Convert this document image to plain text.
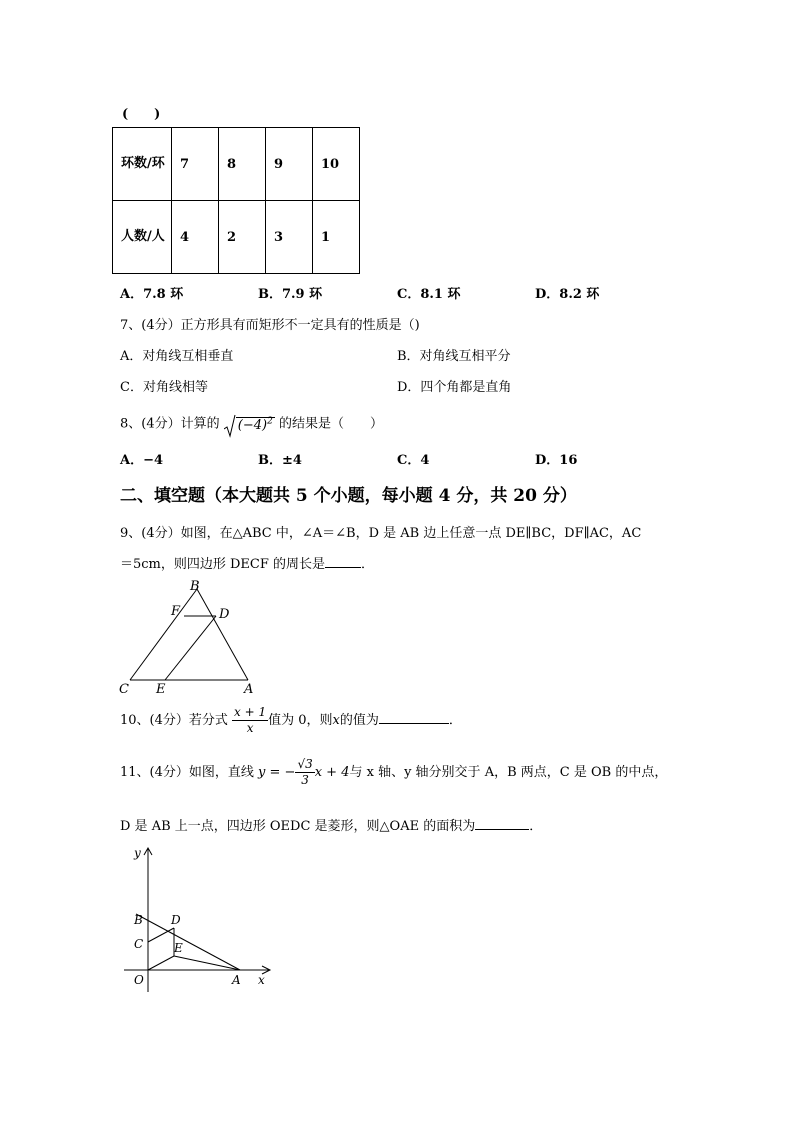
(　　)
环数/环	7	8	9	10
人数/人	4	2	3	1
A．7.8 环	B．7.9 环	C．8.1 环	D．8.2 环
7、(4分）正方形具有而矩形不一定具有的性质是（)
A．对角线互相垂直	B．对角线互相平分
C．对角线相等	D．四个角都是直角
8、(4分）计算的 $(-4)^2$ 的结果是（　　）
A．−4	B．±4	C．4	D．16
二、填空题（本大题共 5 个小题，每小题 4 分，共 20 分）
9、(4分）如图，在△ABC 中，∠A＝∠B，D 是 AB 边上任意一点 DE∥BC，DF∥AC，AC
＝5cm，则四边形 DECF 的周长是	．
B
F	D
C E	A
10、(4分）若分式 $\frac{x + 1}{x}$ 值为 0，则x的值为	．
11、(4分）如图，直线 y = − $\frac{√3}{3}$ x + 4与 x 轴、y 轴分别交于 A，B 两点，C 是 OB 的中点，
D 是 AB 上一点，四边形 OEDC 是菱形，则△OAE 的面积为	．
y
x
O	A
B
C
D
E
